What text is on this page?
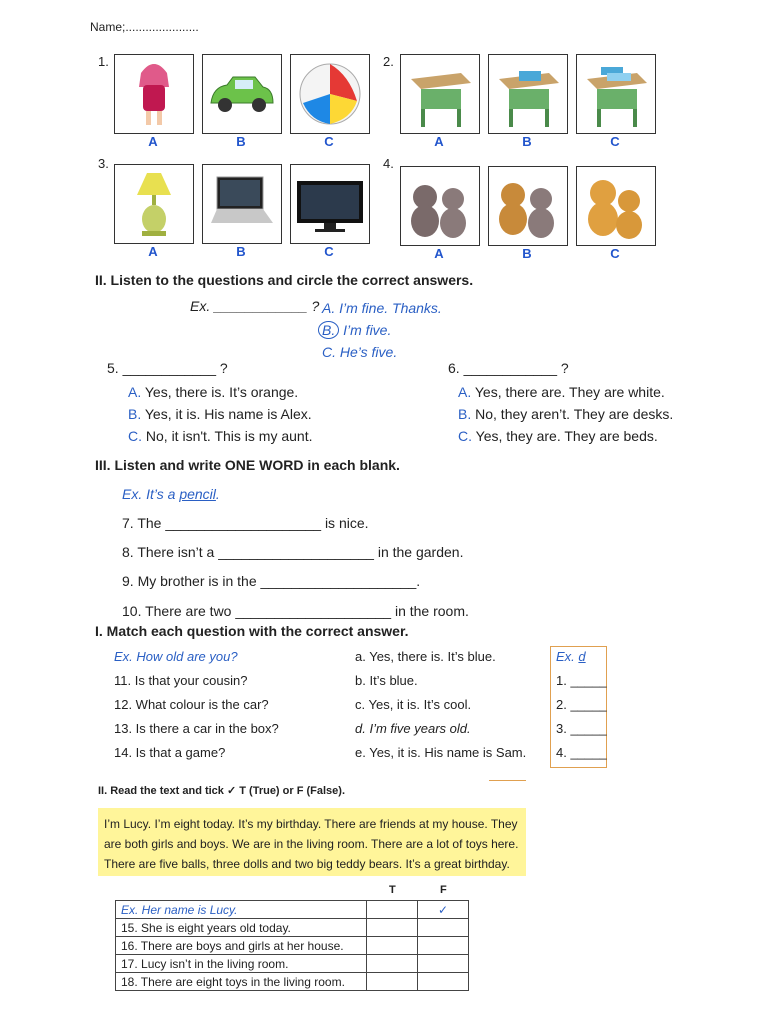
Name;......................
1.
A	B	C
2.
A	B	C
3.
A	B	C
4.
A	B	C
II. Listen to the questions and circle the correct answers.
Ex. ____________ ? A. I’m fine. Thanks.
B. I’m five.
C. He’s five.
5. ____________ ?
A. Yes, there is. It’s orange.
B. Yes, it is. His name is Alex.
C. No, it isn't. This is my aunt.
6. ____________ ?
A. Yes, there are. They are white.
B. No, they aren’t. They are desks.
C. Yes, they are. They are beds.
III. Listen and write ONE WORD in each blank.
Ex. It’s a pencil.
7. The ____________________ is nice.
8. There isn’t a ____________________ in the garden.
9. My brother is in the ____________________.
10. There are two ____________________ in the room.
I. Match each question with the correct answer.
Ex. How old are you?
11. Is that your cousin?
12. What colour is the car?
13. Is there a car in the box?
14. Is that a game?
a. Yes, there is. It’s blue.
b. It’s blue.
c. Yes, it is. It’s cool.
d. I’m five years old.
e. Yes, it is. His name is Sam.
Ex. d
1. _____
2. _____
3. _____
4. _____
II. Read the text and tick ✓ T (True) or F (False).

I’m Lucy. I’m eight today. It’s my birthday. There are friends at my house. They are both girls and boys. We are in the living room. There are a lot of toys here. There are five balls, three dolls and two big teddy bears. It’s a great birthday.

T	F
Ex. Her name is Lucy.		✓
15. She is eight years old today.		
16. There are boys and girls at her house.		
17. Lucy isn’t in the living room.		
18. There are eight toys in the living room.		
